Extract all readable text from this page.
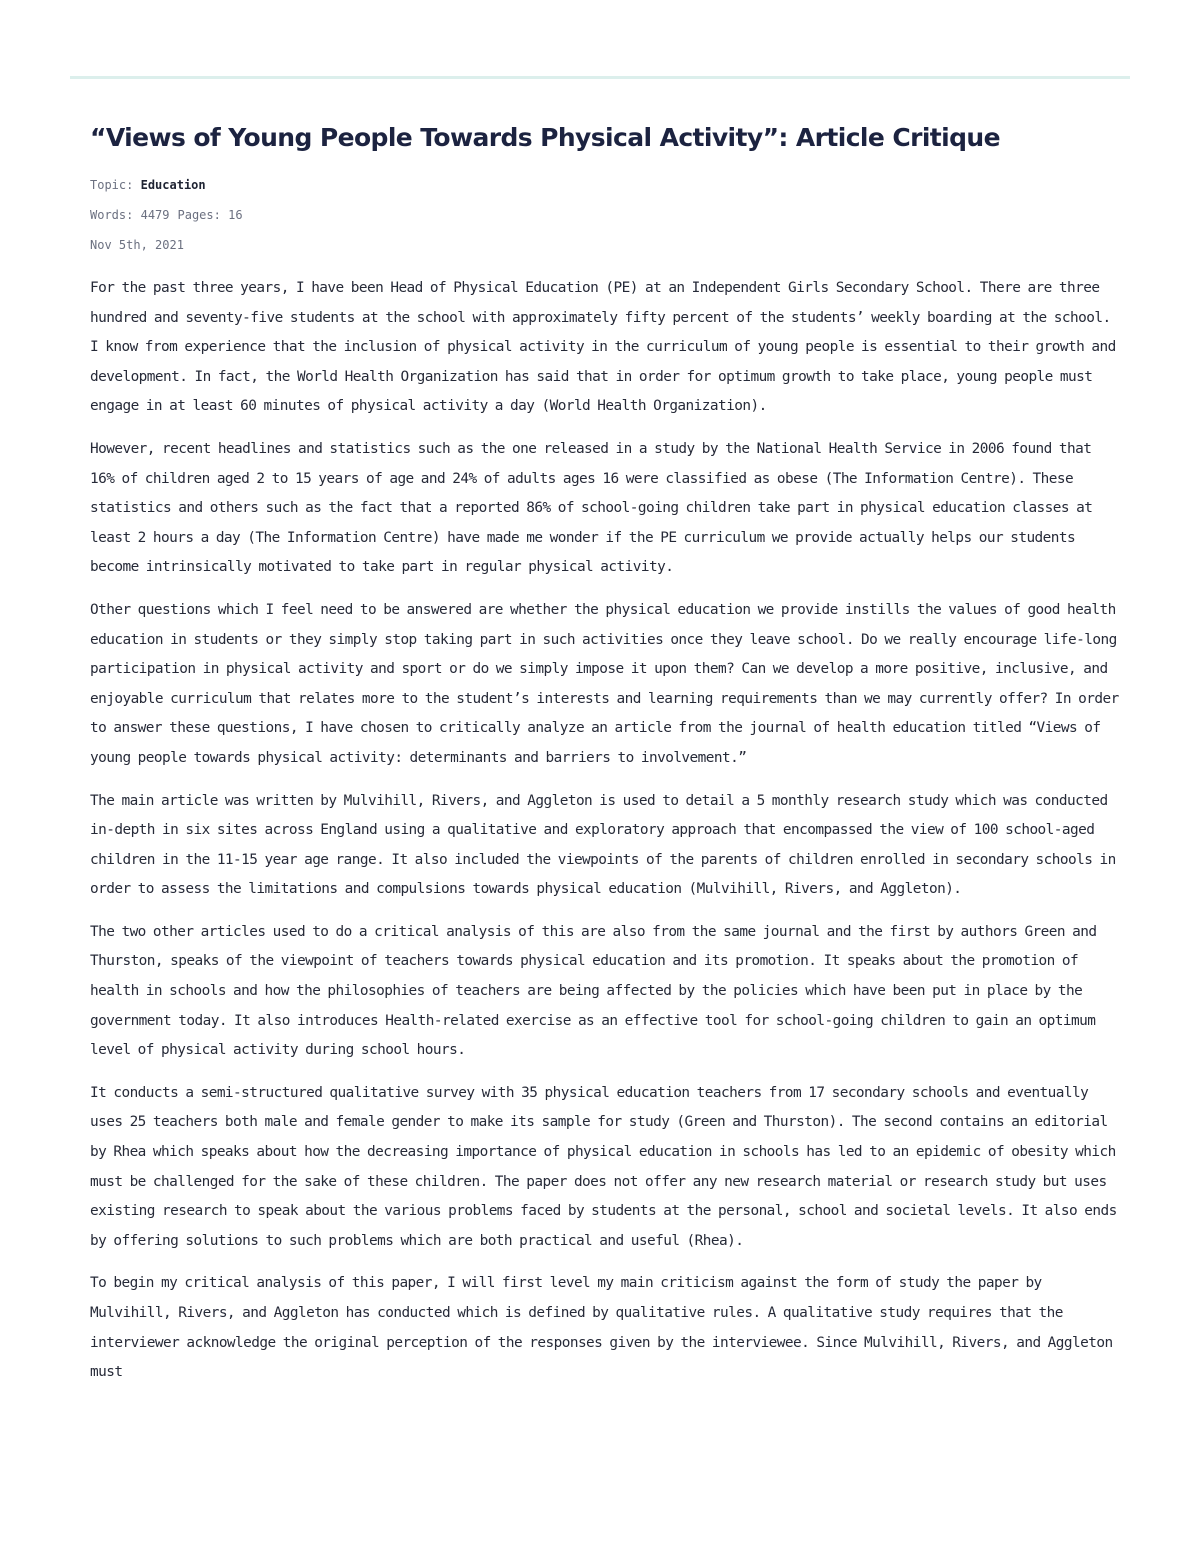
“Views of Young People Towards Physical Activity”: Article Critique
Topic: Education
Words: 4479 Pages: 16
Nov 5th, 2021

For the past three years, I have been Head of Physical Education (PE) at an Independent Girls Secondary School. There are three hundred and seventy-five students at the school with approximately fifty percent of the students’ weekly boarding at the school. I know from experience that the inclusion of physical activity in the curriculum of young people is essential to their growth and development. In fact, the World Health Organization has said that in order for optimum growth to take place, young people must engage in at least 60 minutes of physical activity a day (World Health Organization).

However, recent headlines and statistics such as the one released in a study by the National Health Service in 2006 found that 16% of children aged 2 to 15 years of age and 24% of adults ages 16 were classified as obese (The Information Centre). These statistics and others such as the fact that a reported 86% of school-going children take part in physical education classes at least 2 hours a day (The Information Centre) have made me wonder if the PE curriculum we provide actually helps our students become intrinsically motivated to take part in regular physical activity.

Other questions which I feel need to be answered are whether the physical education we provide instills the values of good health education in students or they simply stop taking part in such activities once they leave school. Do we really encourage life-long participation in physical activity and sport or do we simply impose it upon them? Can we develop a more positive, inclusive, and enjoyable curriculum that relates more to the student’s interests and learning requirements than we may currently offer? In order to answer these questions, I have chosen to critically analyze an article from the journal of health education titled “Views of young people towards physical activity: determinants and barriers to involvement.”

The main article was written by Mulvihill, Rivers, and Aggleton is used to detail a 5 monthly research study which was conducted in-depth in six sites across England using a qualitative and exploratory approach that encompassed the view of 100 school-aged children in the 11-15 year age range. It also included the viewpoints of the parents of children enrolled in secondary schools in order to assess the limitations and compulsions towards physical education (Mulvihill, Rivers, and Aggleton).

The two other articles used to do a critical analysis of this are also from the same journal and the first by authors Green and Thurston, speaks of the viewpoint of teachers towards physical education and its promotion. It speaks about the promotion of health in schools and how the philosophies of teachers are being affected by the policies which have been put in place by the government today. It also introduces Health-related exercise as an effective tool for school-going children to gain an optimum level of physical activity during school hours.

It conducts a semi-structured qualitative survey with 35 physical education teachers from 17 secondary schools and eventually uses 25 teachers both male and female gender to make its sample for study (Green and Thurston). The second contains an editorial by Rhea which speaks about how the decreasing importance of physical education in schools has led to an epidemic of obesity which must be challenged for the sake of these children. The paper does not offer any new research material or research study but uses existing research to speak about the various problems faced by students at the personal, school and societal levels. It also ends by offering solutions to such problems which are both practical and useful (Rhea).

To begin my critical analysis of this paper, I will first level my main criticism against the form of study the paper by Mulvihill, Rivers, and Aggleton has conducted which is defined by qualitative rules. A qualitative study requires that the interviewer acknowledge the original perception of the responses given by the interviewee. Since Mulvihill, Rivers, and Aggleton must
